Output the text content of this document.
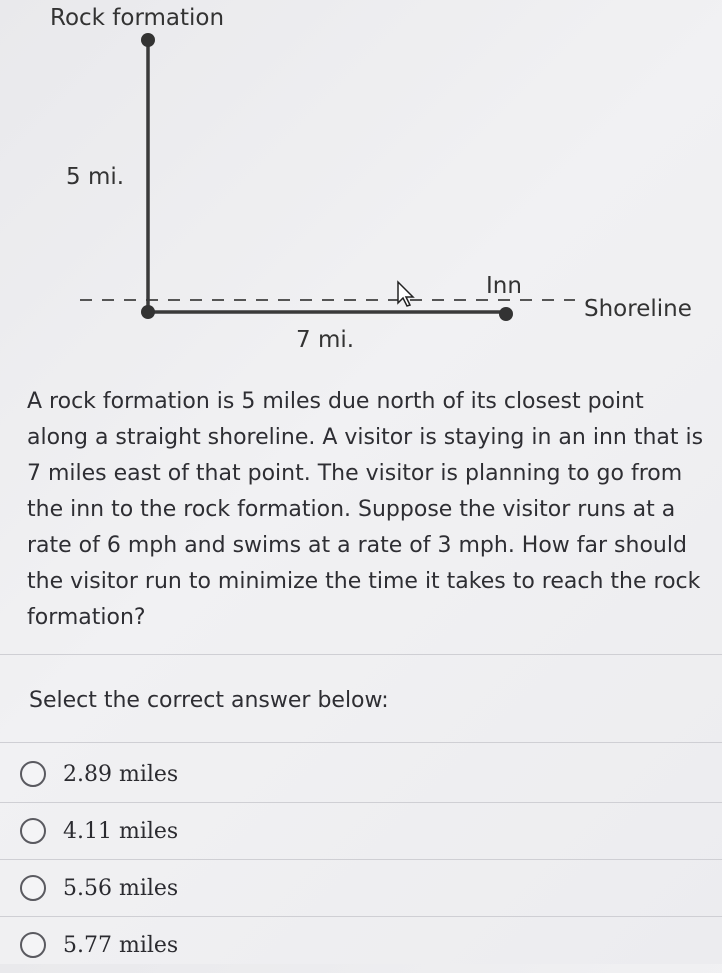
Rock formation
5 mi.
7 mi.
Inn
Shoreline
A rock formation is 5 miles due north of its closest point along a straight shoreline. A visitor is staying in an inn that is 7 miles east of that point. The visitor is planning to go from the inn to the rock formation. Suppose the visitor runs at a rate of 6 mph and swims at a rate of 3 mph. How far should the visitor run to minimize the time it takes to reach the rock formation?
Select the correct answer below:
2.89 miles
4.11 miles
5.56 miles
5.77 miles
